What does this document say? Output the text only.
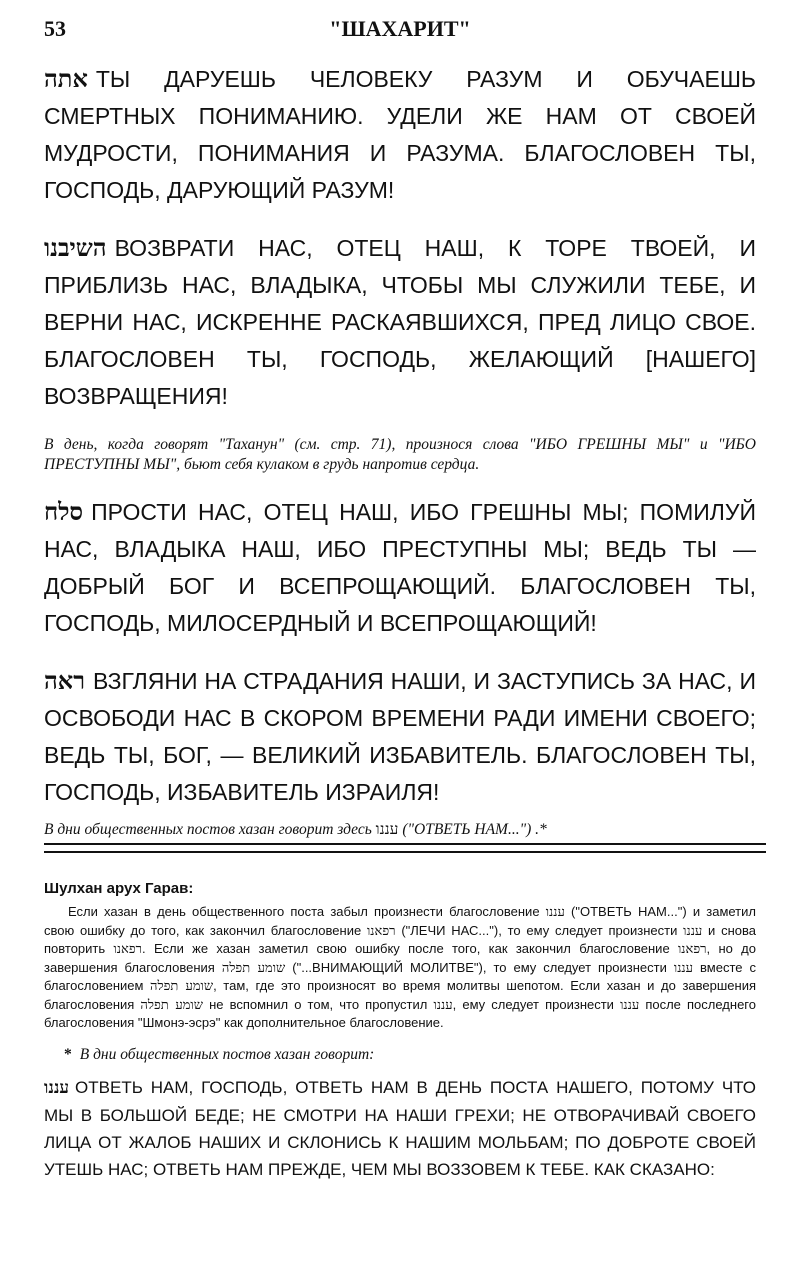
53	"ШАХАРИТ"

אתה ТЫ ДАРУЕШЬ ЧЕЛОВЕКУ РАЗУМ И ОБУЧАЕШЬ СМЕРТНЫХ ПОНИМАНИЮ. УДЕЛИ ЖЕ НАМ ОТ СВОЕЙ МУДРОСТИ, ПОНИМАНИЯ И РАЗУМА. БЛАГОСЛОВЕН ТЫ, ГОСПОДЬ, ДАРУЮЩИЙ РАЗУМ!

השיבנו ВОЗВРАТИ НАС, ОТЕЦ НАШ, К ТОРЕ ТВОЕЙ, И ПРИБЛИЗЬ НАС, ВЛАДЫКА, ЧТОБЫ МЫ СЛУЖИЛИ ТЕБЕ, И ВЕРНИ НАС, ИСКРЕННЕ РАСКАЯВШИХСЯ, ПРЕД ЛИЦО СВОЕ. БЛАГОСЛОВЕН ТЫ, ГОСПОДЬ, ЖЕЛАЮЩИЙ [НАШЕГО] ВОЗВРАЩЕНИЯ!

В день, когда говорят "Таханун" (см. стр. 71), произнося слова "ИБО ГРЕШНЫ МЫ" и "ИБО ПРЕСТУПНЫ МЫ", бьют себя кулаком в грудь напротив сердца.

סלח ПРОСТИ НАС, ОТЕЦ НАШ, ИБО ГРЕШНЫ МЫ; ПОМИЛУЙ НАС, ВЛАДЫКА НАШ, ИБО ПРЕСТУПНЫ МЫ; ВЕДЬ ТЫ — ДОБРЫЙ БОГ И ВСЕПРОЩАЮЩИЙ. БЛАГОСЛОВЕН ТЫ, ГОСПОДЬ, МИЛОСЕРДНЫЙ И ВСЕПРОЩАЮЩИЙ!

ראה ВЗГЛЯНИ НА СТРАДАНИЯ НАШИ, И ЗАСТУПИСЬ ЗА НАС, И ОСВОБОДИ НАС В СКОРОМ ВРЕМЕНИ РАДИ ИМЕНИ СВОЕГО; ВЕДЬ ТЫ, БОГ, — ВЕЛИКИЙ ИЗБАВИТЕЛЬ. БЛАГОСЛОВЕН ТЫ, ГОСПОДЬ, ИЗБАВИТЕЛЬ ИЗРАИЛЯ!

В дни общественных постов хазан говорит здесь עננו ("ОТВЕТЬ НАМ...") .*

Шулхан арух Гарав:

Если хазан в день общественного поста забыл произнести благословение עננו ("ОТВЕТЬ НАМ...") и заметил свою ошибку до того, как закончил благословение רפאנו ("ЛЕЧИ НАС..."), то ему следует произнести עננו и снова повторить רפאנו. Если же хазан заметил свою ошибку после того, как закончил благословение רפאנו, но до завершения благословения שומע תפלה ("...ВНИМАЮЩИЙ МОЛИТВЕ"), то ему следует произнести עננו вместе с благословением שומע תפלה, там, где это произносят во время молитвы шепотом. Если хазан и до завершения благословения שומע תפלה не вспомнил о том, что пропустил עננו, ему следует произнести עננו после последнего благословения "Шмонэ-эсрэ" как дополнительное благословение.

* В дни общественных постов хазан говорит:

עננו ОТВЕТЬ НАМ, ГОСПОДЬ, ОТВЕТЬ НАМ В ДЕНЬ ПОСТА НАШЕГО, ПОТОМУ ЧТО МЫ В БОЛЬШОЙ БЕДЕ; НЕ СМОТРИ НА НАШИ ГРЕХИ; НЕ ОТВОРАЧИВАЙ СВОЕГО ЛИЦА ОТ ЖАЛОБ НАШИХ И СКЛОНИСЬ К НАШИМ МОЛЬБАМ; ПО ДОБРОТЕ СВОЕЙ УТЕШЬ НАС; ОТВЕТЬ НАМ ПРЕЖДЕ, ЧЕМ МЫ ВОЗЗОВЕМ К ТЕБЕ. КАК СКАЗАНО:
